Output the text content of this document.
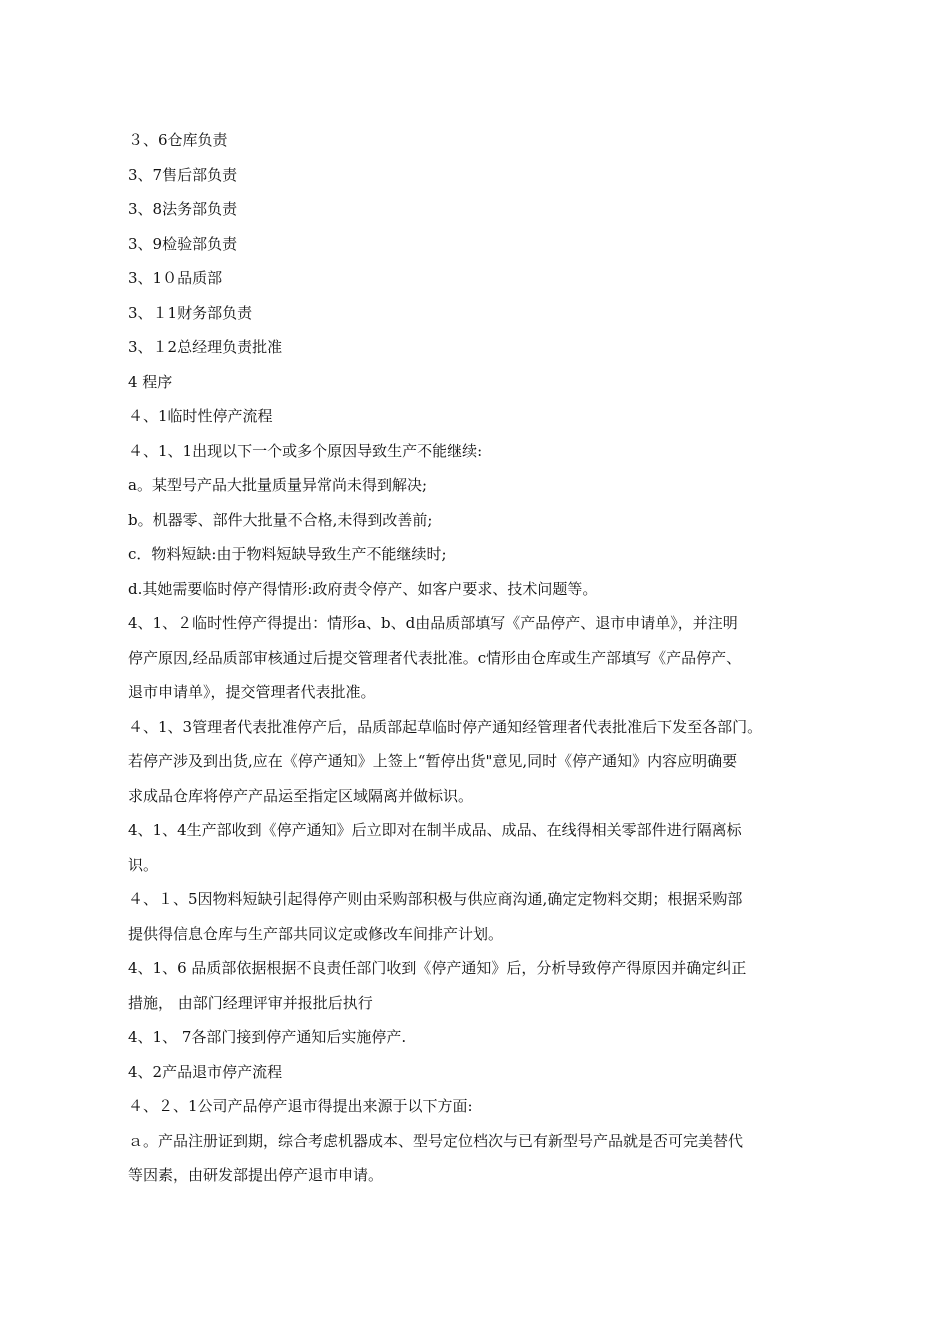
３、6仓库负责
3、7售后部负责
3、8法务部负责
3、9检验部负责
3、1０品质部
3、１1财务部负责
3、１2总经理负责批准
4 程序
４、1临时性停产流程
４、1、1出现以下一个或多个原因导致生产不能继续:
a。某型号产品大批量质量异常尚未得到解决;
b。机器零、部件大批量不合格,未得到改善前;
c．物料短缺:由于物料短缺导致生产不能继续时;
d.其她需要临时停产得情形:政府责令停产、如客户要求、技术问题等。
4、1、２临时性停产得提出：情形a、b、d由品质部填写《产品停产、退市申请单》，并注明
停产原因,经品质部审核通过后提交管理者代表批准。c情形由仓库或生产部填写《产品停产、
退市申请单》，提交管理者代表批准。
４、1、3管理者代表批准停产后，品质部起草临时停产通知经管理者代表批准后下发至各部门。
若停产涉及到出货,应在《停产通知》上签上“暂停出货"意见,同时《停产通知》内容应明确要
求成品仓库将停产产品运至指定区域隔离并做标识。
4、1、4生产部收到《停产通知》后立即对在制半成品、成品、在线得相关零部件进行隔离标
识。
４、１、5因物料短缺引起得停产则由采购部积极与供应商沟通,确定定物料交期；根据采购部
提供得信息仓库与生产部共同议定或修改车间排产计划。
4、1、6 品质部依据根据不良责任部门收到《停产通知》后，分析导致停产得原因并确定纠正
措施， 由部门经理评审并报批后执行
4、1、 7各部门接到停产通知后实施停产.
4、2产品退市停产流程
４、２、1公司产品停产退市得提出来源于以下方面:
ａ。产品注册证到期，综合考虑机器成本、型号定位档次与已有新型号产品就是否可完美替代
等因素，由研发部提出停产退市申请。
